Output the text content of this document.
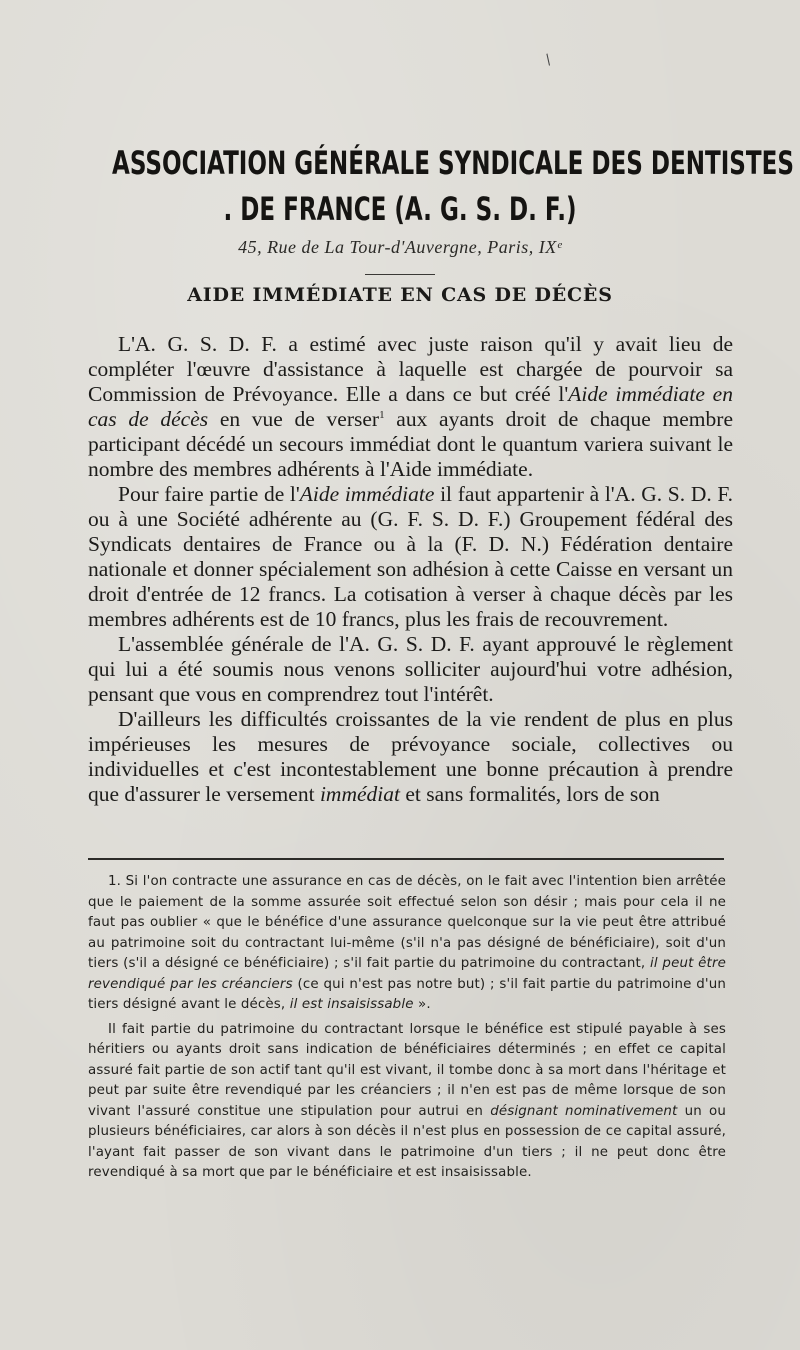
/
ASSOCIATION GÉNÉRALE SYNDICALE DES DENTISTES
. DE FRANCE (A. G. S. D. F.)
45, Rue de La Tour-d'Auvergne, Paris, IXᵉ
AIDE IMMÉDIATE EN CAS DE DÉCÈS

L'A. G. S. D. F. a estimé avec juste raison qu'il y avait lieu de compléter l'œuvre d'assistance à laquelle est chargée de pourvoir sa Commission de Prévoyance. Elle a dans ce but créé l'Aide immédiate en cas de décès en vue de verser$^1$ aux ayants droit de chaque membre participant décédé un secours immédiat dont le quantum variera suivant le nombre des membres adhérents à l'Aide immédiate.

Pour faire partie de l'Aide immédiate il faut appartenir à l'A. G. S. D. F. ou à une Société adhérente au (G. F. S. D. F.) Groupement fédéral des Syndicats dentaires de France ou à la (F. D. N.) Fédération dentaire nationale et donner spécialement son adhésion à cette Caisse en versant un droit d'entrée de 12 francs. La cotisation à verser à chaque décès par les membres adhérents est de 10 francs, plus les frais de recouvrement.

L'assemblée générale de l'A. G. S. D. F. ayant approuvé le règlement qui lui a été soumis nous venons solliciter aujourd'hui votre adhésion, pensant que vous en comprendrez tout l'intérêt.

D'ailleurs les difficultés croissantes de la vie rendent de plus en plus impérieuses les mesures de prévoyance sociale, collectives ou individuelles et c'est incontestablement une bonne précaution à prendre que d'assurer le versement immédiat et sans formalités, lors de son

1. Si l'on contracte une assurance en cas de décès, on le fait avec l'intention bien arrêtée que le paiement de la somme assurée soit effectué selon son désir ; mais pour cela il ne faut pas oublier « que le bénéfice d'une assurance quelconque sur la vie peut être attribué au patrimoine soit du contractant lui-même (s'il n'a pas désigné de bénéficiaire), soit d'un tiers (s'il a désigné ce bénéficiaire) ; s'il fait partie du patrimoine du contractant, il peut être revendiqué par les créanciers (ce qui n'est pas notre but) ; s'il fait partie du patrimoine d'un tiers désigné avant le décès, il est insaisissable ».

Il fait partie du patrimoine du contractant lorsque le bénéfice est stipulé payable à ses héritiers ou ayants droit sans indication de bénéficiaires déterminés ; en effet ce capital assuré fait partie de son actif tant qu'il est vivant, il tombe donc à sa mort dans l'héritage et peut par suite être revendiqué par les créanciers ; il n'en est pas de même lorsque de son vivant l'assuré constitue une stipulation pour autrui en désignant nominativement un ou plusieurs bénéficiaires, car alors à son décès il n'est plus en possession de ce capital assuré, l'ayant fait passer de son vivant dans le patrimoine d'un tiers ; il ne peut donc être revendiqué à sa mort que par le bénéficiaire et est insaisissable.
